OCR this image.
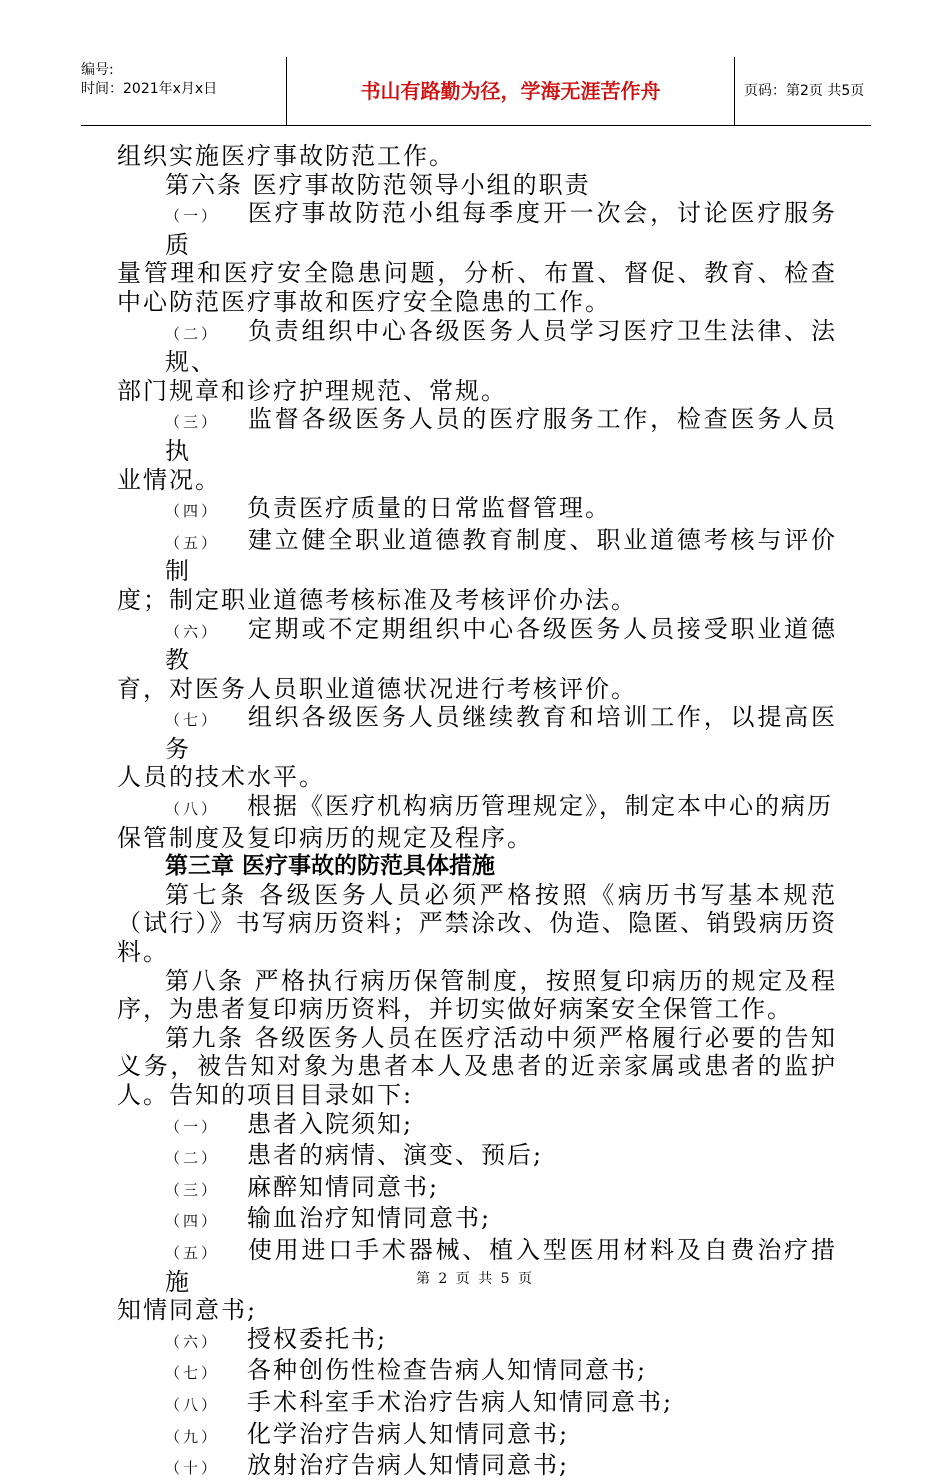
编号:
时间：2021年x月x日	书山有路勤为径，学海无涯苦作舟	页码：第2页 共5页

组织实施医疗事故防范工作。

第六条 医疗事故防范领导小组的职责

（一） 医疗事故防范小组每季度开一次会，讨论医疗服务质

量管理和医疗安全隐患问题，分析、布置、督促、教育、检查中心防范医疗事故和医疗安全隐患的工作。

（二） 负责组织中心各级医务人员学习医疗卫生法律、法规、

部门规章和诊疗护理规范、常规。

（三） 监督各级医务人员的医疗服务工作，检查医务人员执

业情况。

（四） 负责医疗质量的日常监督管理。

（五） 建立健全职业道德教育制度、职业道德考核与评价制

度；制定职业道德考核标准及考核评价办法。

（六） 定期或不定期组织中心各级医务人员接受职业道德教

育，对医务人员职业道德状况进行考核评价。

（七） 组织各级医务人员继续教育和培训工作，以提高医务

人员的技术水平。

（八） 根据《医疗机构病历管理规定》，制定本中心的病历

保管制度及复印病历的规定及程序。

第三章 医疗事故的防范具体措施

第七条 各级医务人员必须严格按照《病历书写基本规范（试行）》书写病历资料；严禁涂改、伪造、隐匿、销毁病历资料。

第八条 严格执行病历保管制度，按照复印病历的规定及程序，为患者复印病历资料，并切实做好病案安全保管工作。

第九条 各级医务人员在医疗活动中须严格履行必要的告知义务，被告知对象为患者本人及患者的近亲家属或患者的监护人。告知的项目目录如下:

（一） 患者入院须知;

（二） 患者的病情、演变、预后;

（三） 麻醉知情同意书;

（四） 输血治疗知情同意书;

（五） 使用进口手术器械、植入型医用材料及自费治疗措施

知情同意书;

（六） 授权委托书;

（七） 各种创伤性检查告病人知情同意书;

（八） 手术科室手术治疗告病人知情同意书;

（九） 化学治疗告病人知情同意书;

（十） 放射治疗告病人知情同意书;

第 2 页 共 5 页
